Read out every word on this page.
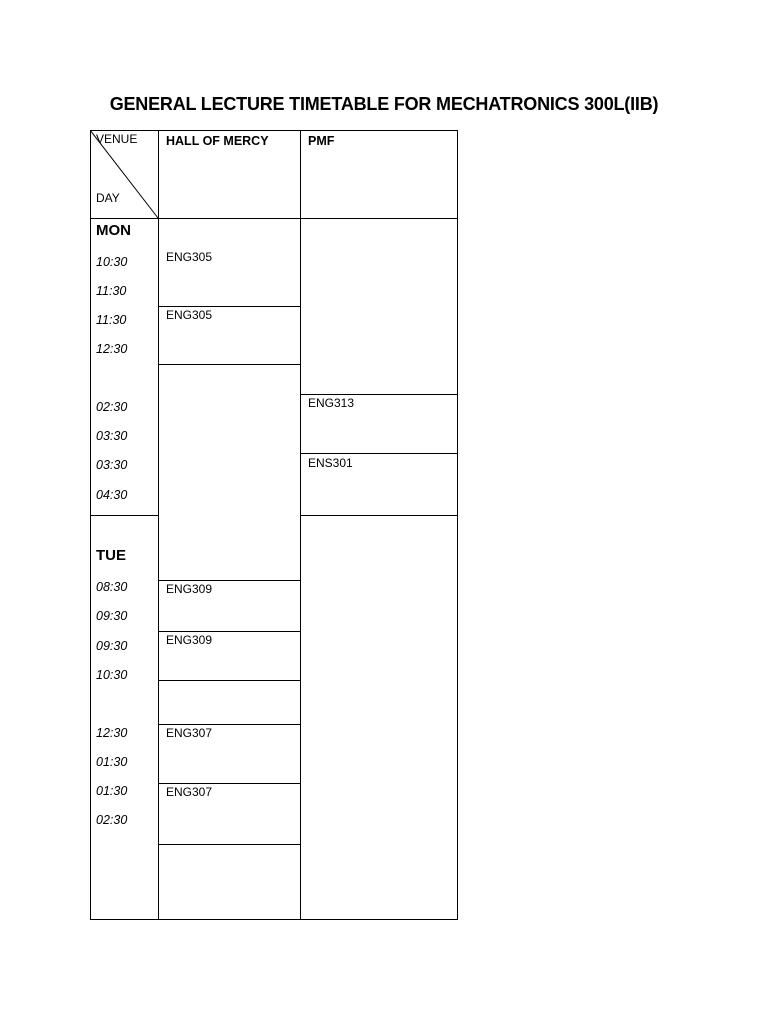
GENERAL LECTURE TIMETABLE FOR MECHATRONICS 300L(IIB)
VENUE
DAY
HALL OF MERCY	PMF
MON
10:30
11:30
11:30
12:30
02:30
03:30
03:30
04:30
ENG305
ENG305
ENG313
ENS301
TUE
08:30
09:30
09:30
10:30
12:30
01:30
01:30
02:30
ENG309
ENG309
ENG307
ENG307
